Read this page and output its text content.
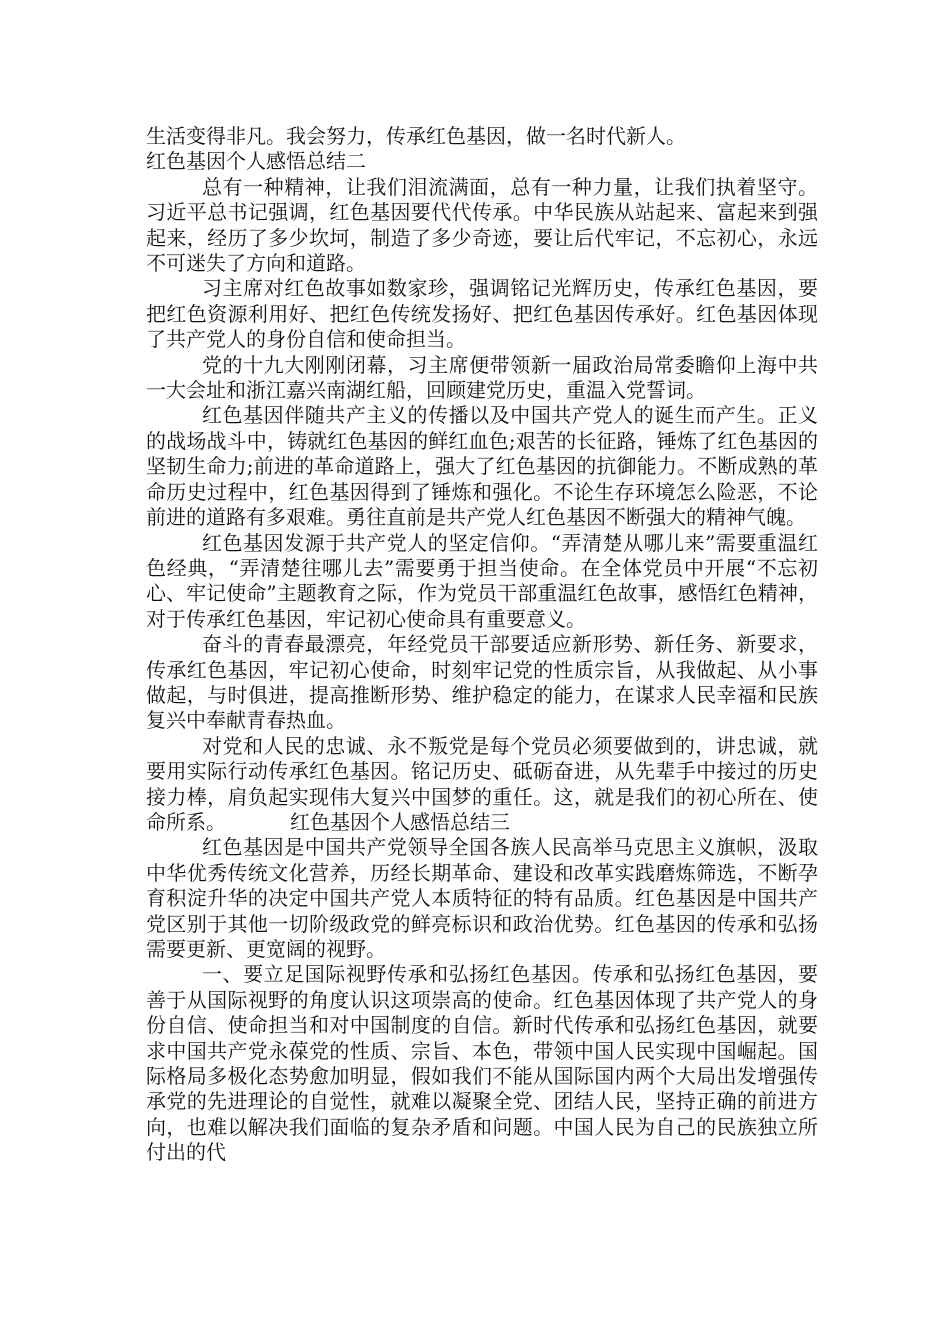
生活变得非凡。我会努力，传承红色基因，做一名时代新人。

红色基因个人感悟总结二

总有一种精神，让我们泪流满面，总有一种力量，让我们执着坚守。习近平总书记强调，红色基因要代代传承。中华民族从站起来、富起来到强起来，经历了多少坎坷，制造了多少奇迹，要让后代牢记，不忘初心，永远不可迷失了方向和道路。

习主席对红色故事如数家珍，强调铭记光辉历史，传承红色基因，要把红色资源利用好、把红色传统发扬好、把红色基因传承好。红色基因体现了共产党人的身份自信和使命担当。

党的十九大刚刚闭幕，习主席便带领新一届政治局常委瞻仰上海中共一大会址和浙江嘉兴南湖红船，回顾建党历史，重温入党誓词。

红色基因伴随共产主义的传播以及中国共产党人的诞生而产生。正义的战场战斗中，铸就红色基因的鲜红血色;艰苦的长征路，锤炼了红色基因的坚韧生命力;前进的革命道路上，强大了红色基因的抗御能力。不断成熟的革命历史过程中，红色基因得到了锤炼和强化。不论生存环境怎么险恶，不论前进的道路有多艰难。勇往直前是共产党人红色基因不断强大的精神气魄。

红色基因发源于共产党人的坚定信仰。“弄清楚从哪儿来”需要重温红色经典，“弄清楚往哪儿去”需要勇于担当使命。在全体党员中开展“不忘初心、牢记使命”主题教育之际，作为党员干部重温红色故事，感悟红色精神，对于传承红色基因，牢记初心使命具有重要意义。

奋斗的青春最漂亮，年经党员干部要适应新形势、新任务、新要求，传承红色基因，牢记初心使命，时刻牢记党的性质宗旨，从我做起、从小事做起，与时俱进，提高推断形势、维护稳定的能力，在谋求人民幸福和民族复兴中奉献青春热血。

对党和人民的忠诚、永不叛党是每个党员必须要做到的，讲忠诚，就要用实际行动传承红色基因。铭记历史、砥砺奋进，从先辈手中接过的历史接力棒，肩负起实现伟大复兴中国梦的重任。这，就是我们的初心所在、使命所系。	红色基因个人感悟总结三

红色基因是中国共产党领导全国各族人民高举马克思主义旗帜，汲取中华优秀传统文化营养，历经长期革命、建设和改革实践磨炼筛选，不断孕育积淀升华的决定中国共产党人本质特征的特有品质。红色基因是中国共产党区别于其他一切阶级政党的鲜亮标识和政治优势。红色基因的传承和弘扬需要更新、更宽阔的视野。

一、要立足国际视野传承和弘扬红色基因。传承和弘扬红色基因，要善于从国际视野的角度认识这项崇高的使命。红色基因体现了共产党人的身份自信、使命担当和对中国制度的自信。新时代传承和弘扬红色基因，就要求中国共产党永葆党的性质、宗旨、本色，带领中国人民实现中国崛起。国际格局多极化态势愈加明显，假如我们不能从国际国内两个大局出发增强传承党的先进理论的自觉性，就难以凝聚全党、团结人民，坚持正确的前进方向，也难以解决我们面临的复杂矛盾和问题。中国人民为自己的民族独立所付出的代
